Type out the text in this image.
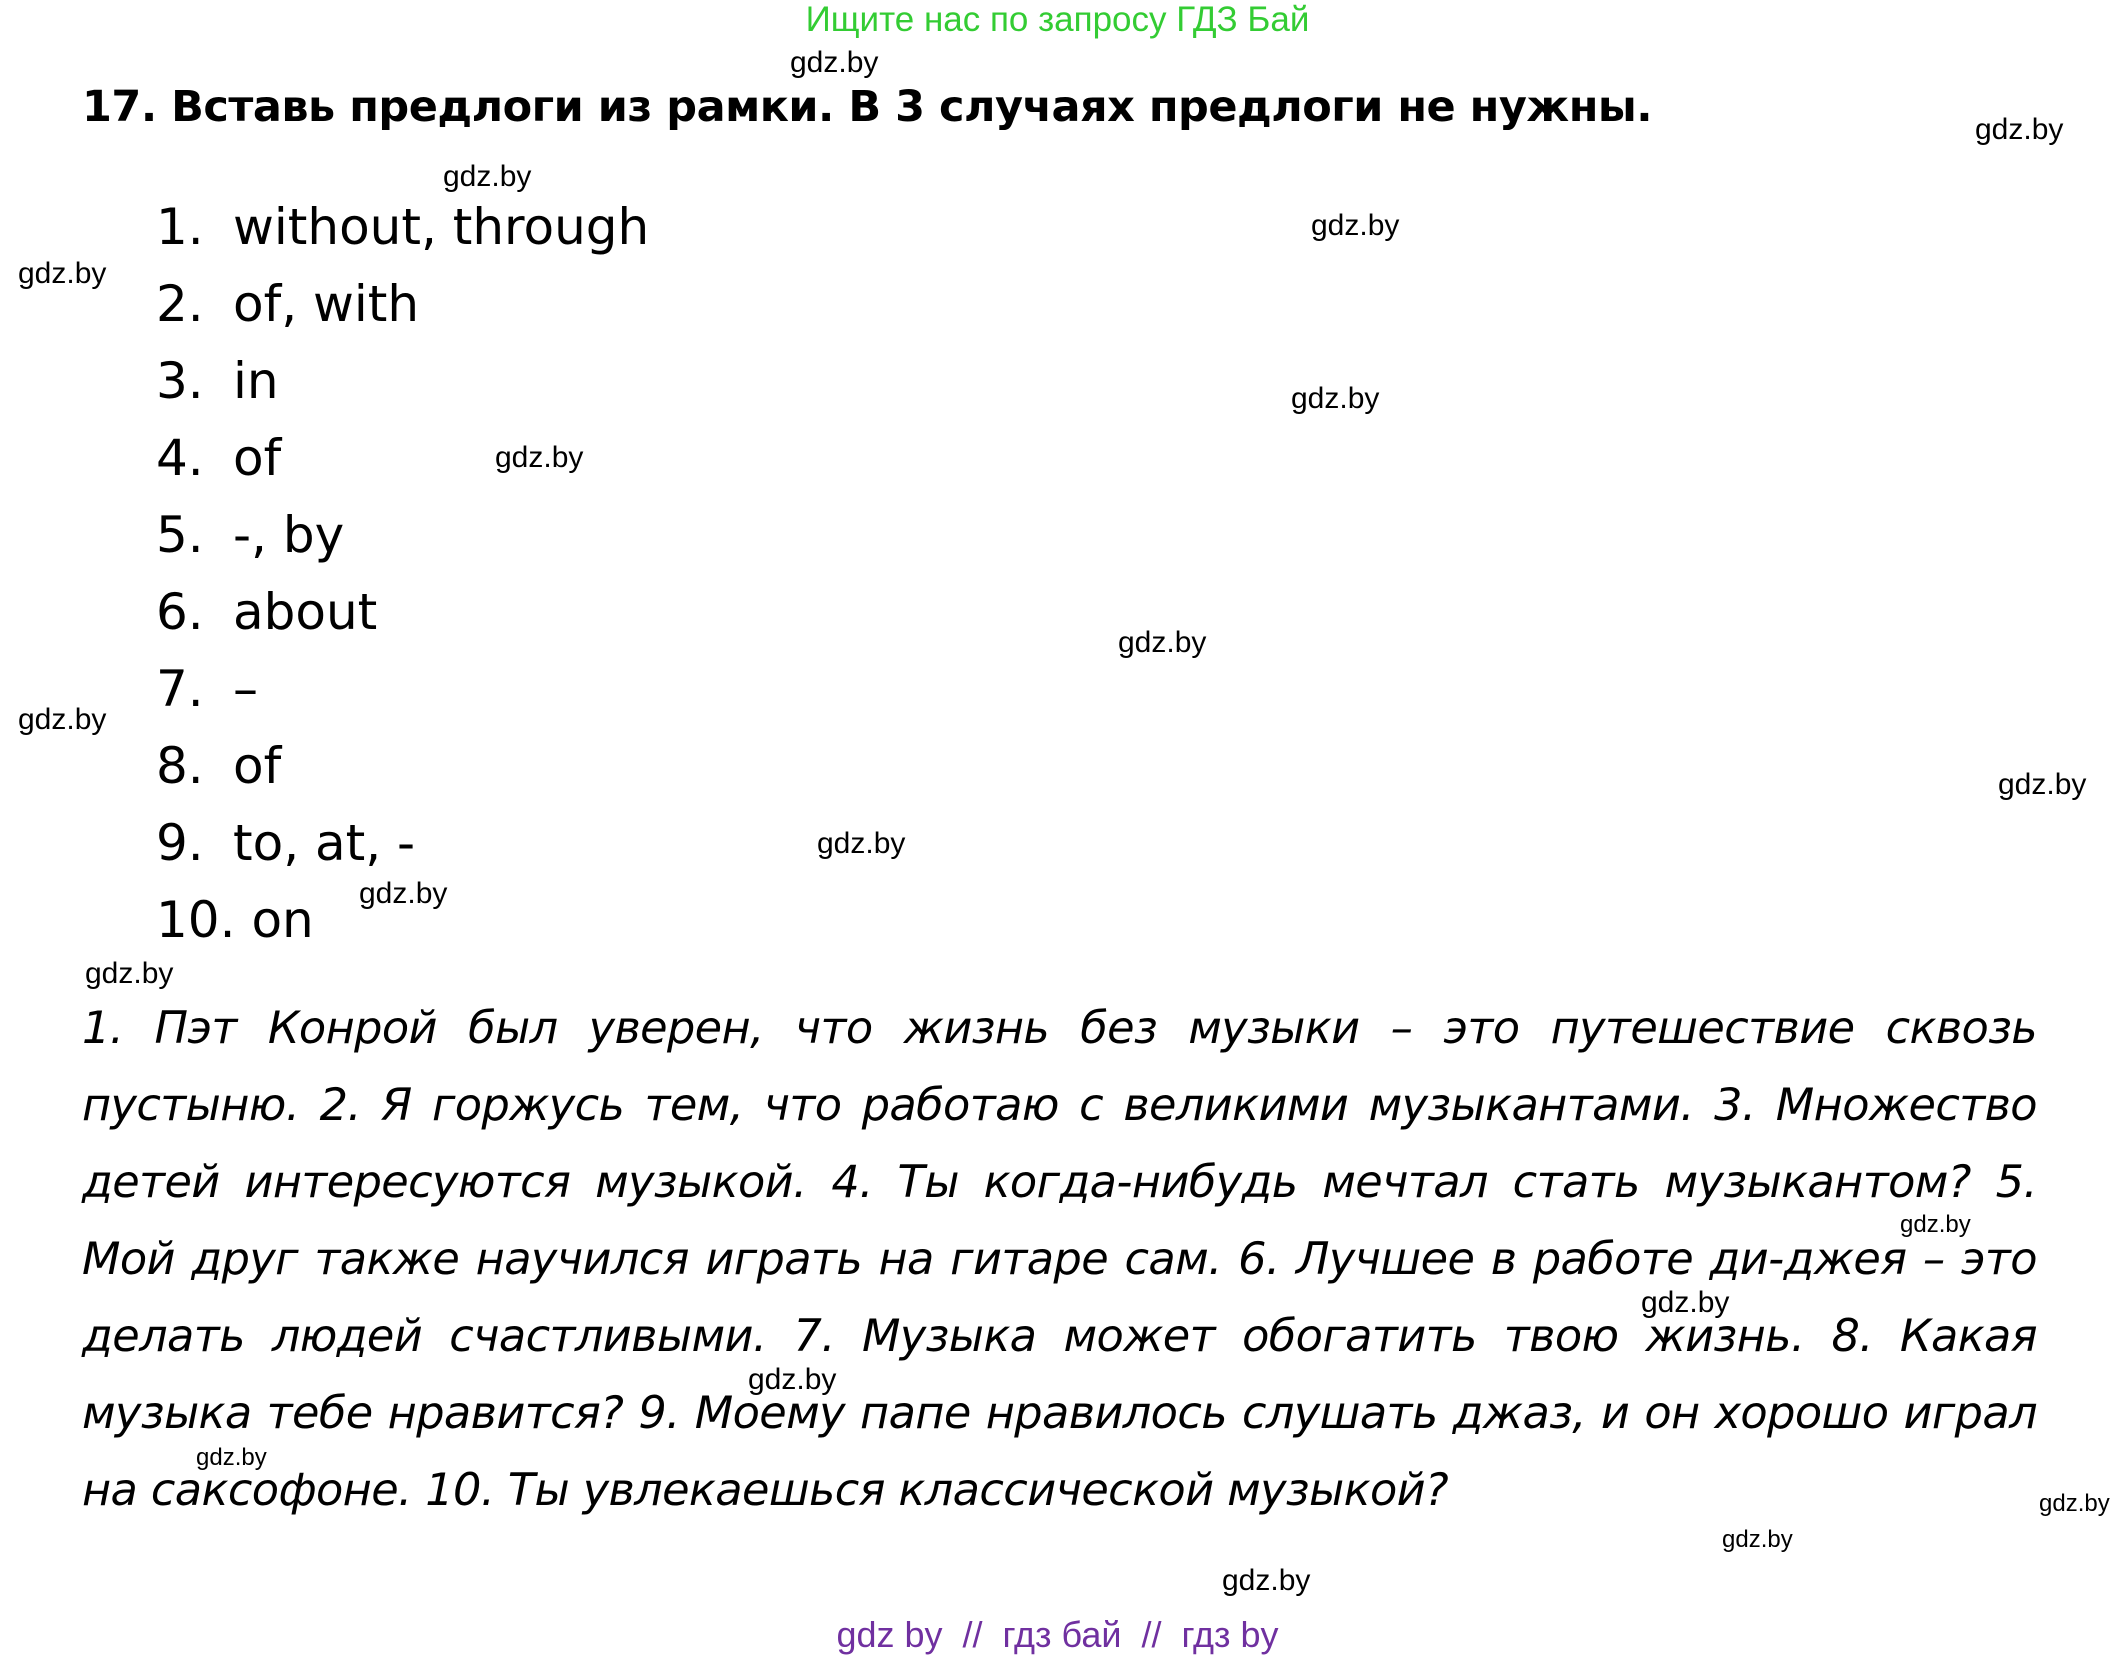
Ищите нас по запросу ГДЗ Бай
17. Вставь предлоги из рамки. В 3 случаях предлоги не нужны.
1. without, through
2. of, with
3. in
4. of
5. -, by
6. about
7. –
8. of
9. to, at, -
10. on

1. Пэт Конрой был уверен, что жизнь без музыки – это путешествие сквозь пустыню. 2. Я горжусь тем, что работаю с великими музыкантами. 3. Множество детей интересуются музыкой. 4. Ты когда-нибудь мечтал стать музыкантом? 5. Мой друг также научился играть на гитаре сам. 6. Лучшее в работе ди-джея – это делать людей счастливыми. 7. Музыка может обогатить твою жизнь. 8. Какая музыка тебе нравится? 9. Моему папе нравилось слушать джаз, и он хорошо играл на саксофоне. 10. Ты увлекаешься классической музыкой?

gdz.by
gdz.by
gdz.by
gdz.by
gdz.by
gdz.by
gdz.by
gdz.by
gdz.by
gdz.by
gdz.by
gdz.by
gdz.by
gdz.by
gdz.by
gdz.by
gdz.by
gdz.by
gdz.by
gdz.by
gdz by  //  гдз бай  //  гдз by
